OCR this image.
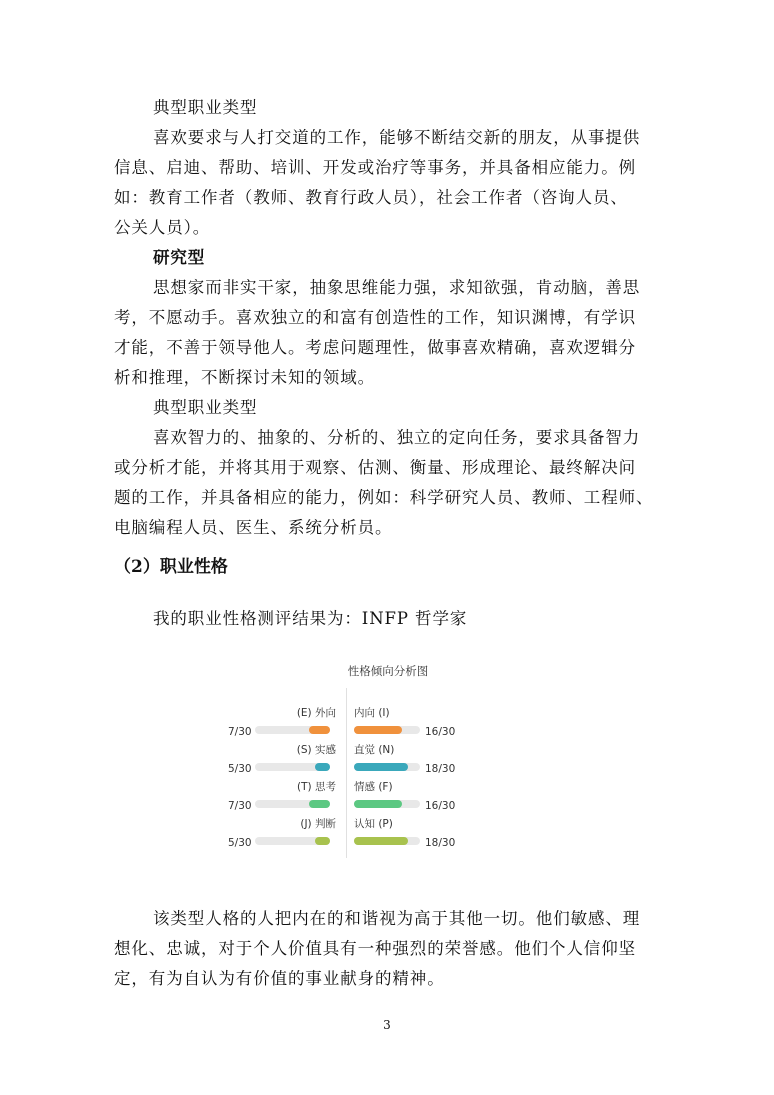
典型职业类型
喜欢要求与人打交道的工作，能够不断结交新的朋友，从事提供
信息、启迪、帮助、培训、开发或治疗等事务，并具备相应能力。例
如：教育工作者（教师、教育行政人员），社会工作者（咨询人员、
公关人员）。
研究型
思想家而非实干家，抽象思维能力强，求知欲强，肯动脑，善思
考，不愿动手。喜欢独立的和富有创造性的工作，知识渊博，有学识
才能，不善于领导他人。考虑问题理性，做事喜欢精确，喜欢逻辑分
析和推理，不断探讨未知的领域。
典型职业类型
喜欢智力的、抽象的、分析的、独立的定向任务，要求具备智力
或分析才能，并将其用于观察、估测、衡量、形成理论、最终解决问
题的工作，并具备相应的能力，例如：科学研究人员、教师、工程师、
电脑编程人员、医生、系统分析员。
（2）职业性格
我的职业性格测评结果为：INFP 哲学家
性格倾向分析图
(E) 外向 内向 (I)
7/30	16/30
(S) 实感 直觉 (N)
5/30	18/30
(T) 思考 情感 (F)
7/30	16/30
(J) 判断 认知 (P)
5/30	18/30
该类型人格的人把内在的和谐视为高于其他一切。他们敏感、理
想化、忠诚，对于个人价值具有一种强烈的荣誉感。他们个人信仰坚
定，有为自认为有价值的事业献身的精神。
3
